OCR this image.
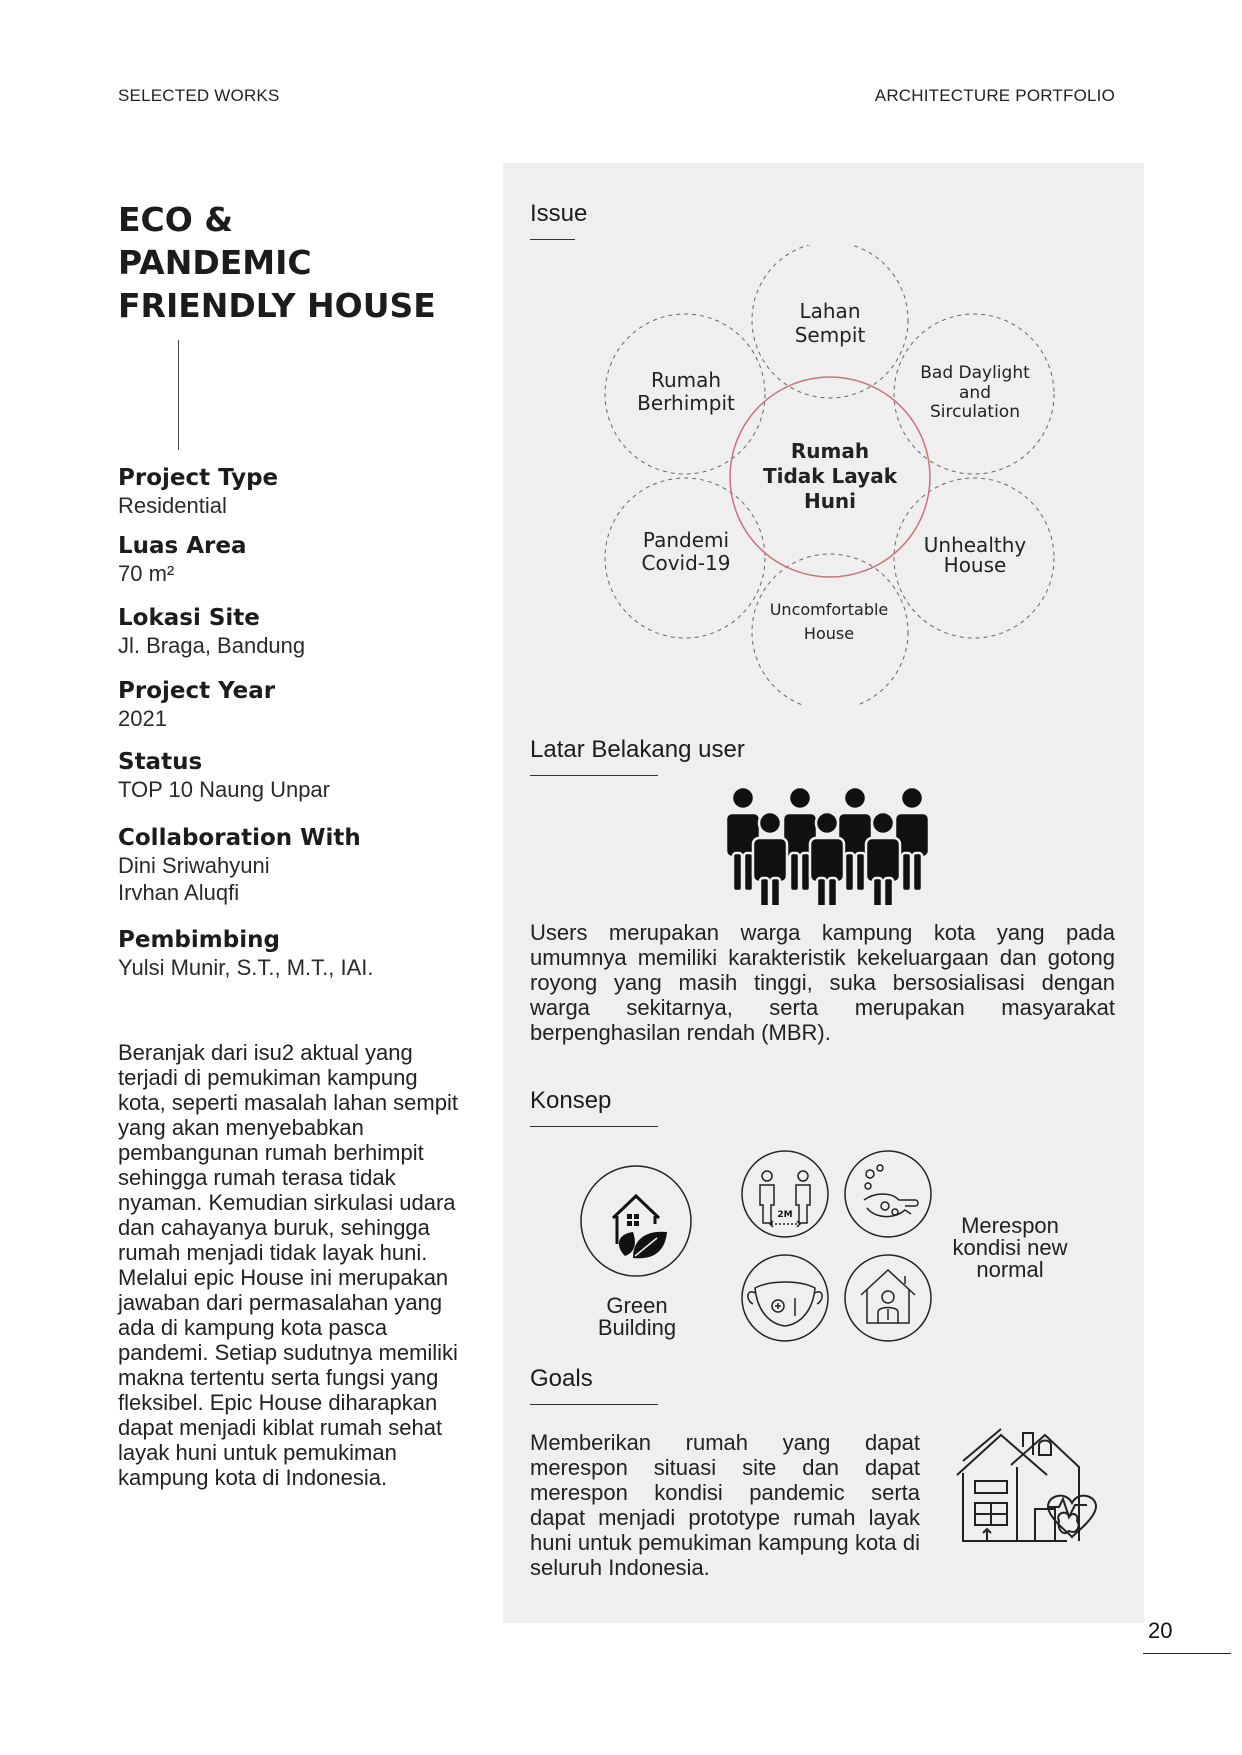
SELECTED WORKS	ARCHITECTURE PORTFOLIO
ECO &
PANDEMIC
FRIENDLY HOUSE
Project Type
Residential
Luas Area
70 m²
Lokasi Site
Jl. Braga, Bandung
Project Year
2021
Status
TOP 10 Naung Unpar
Collaboration With
Dini Sriwahyuni
Irvhan Aluqfi
Pembimbing
Yulsi Munir, S.T., M.T., IAI.
Beranjak dari isu2 aktual yang terjadi di pemukiman kampung kota, seperti masalah lahan sempit yang akan menyebabkan pembangunan rumah berhimpit sehingga rumah terasa tidak nyaman. Kemudian sirkulasi udara dan cahayanya buruk, sehingga rumah menjadi tidak layak huni. Melalui epic House ini merupakan jawaban dari permasalahan yang ada di kampung kota pasca pandemi. Setiap sudutnya memiliki makna tertentu serta fungsi yang fleksibel. Epic House diharapkan dapat menjadi kiblat rumah sehat layak huni untuk pemukiman kampung kota di Indonesia.
Issue
Rumah
Tidak Layak
Huni
Lahan
Sempit
Rumah
Berhimpit
Bad Daylight
and
Sirculation
Pandemi
Covid-19
Unhealthy
House
Uncomfortable
House
Latar Belakang user
Users merupakan warga kampung kota yang pada umumnya memiliki karakteristik kekeluargaan dan gotong royong yang masih tinggi, suka bersosialisasi dengan warga sekitarnya, serta merupakan masyarakat berpenghasilan rendah (MBR).
Konsep
2M
Green
Building
Merespon
kondisi new
normal
Goals
Memberikan rumah yang dapat merespon situasi site dan dapat merespon kondisi pandemic serta dapat menjadi prototype rumah layak huni untuk pemukiman kampung kota di seluruh Indonesia.
20
